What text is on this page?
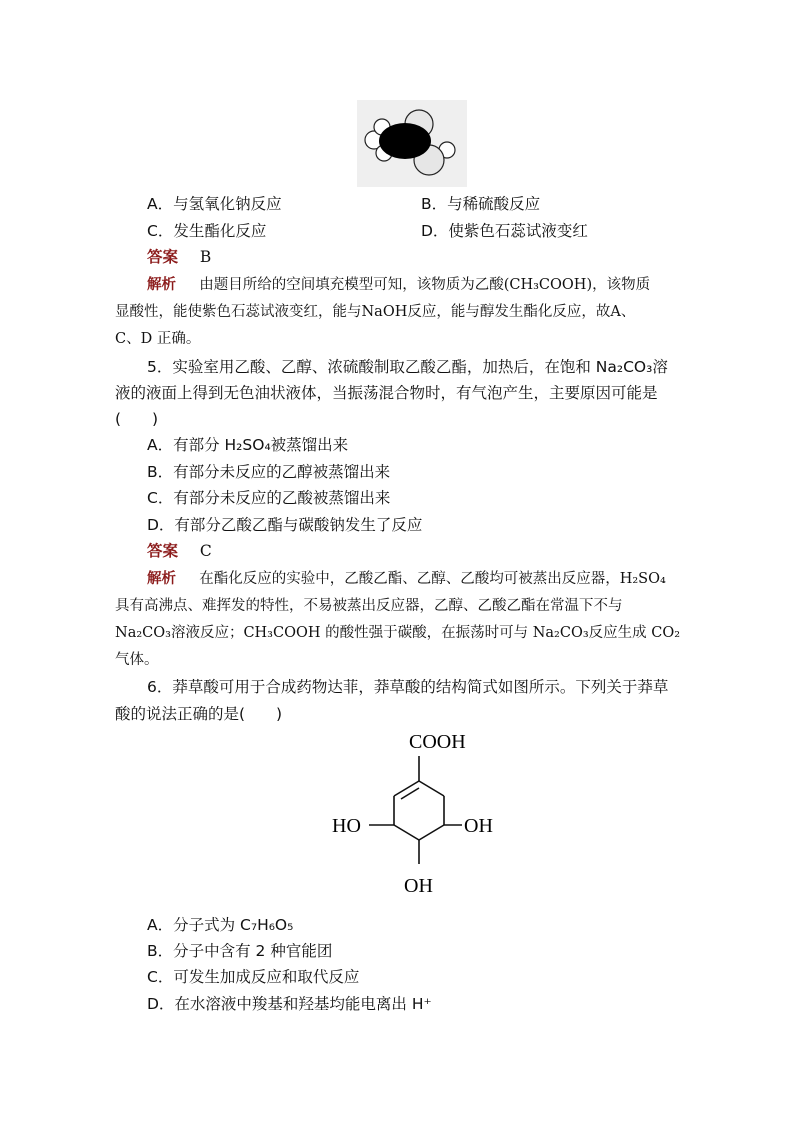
A．与氢氧化钠反应	B．与稀硫酸反应
C．发生酯化反应	D．使紫色石蕊试液变红
答案 B
解析 由题目所给的空间填充模型可知，该物质为乙酸(CH₃COOH)，该物质
显酸性，能使紫色石蕊试液变红，能与NaOH反应，能与醇发生酯化反应，故A、
C、D 正确。
5．实验室用乙酸、乙醇、浓硫酸制取乙酸乙酯，加热后，在饱和 Na₂CO₃溶
液的液面上得到无色油状液体，当振荡混合物时，有气泡产生，主要原因可能是
(　　)
A．有部分 H₂SO₄被蒸馏出来
B．有部分未反应的乙醇被蒸馏出来
C．有部分未反应的乙酸被蒸馏出来
D．有部分乙酸乙酯与碳酸钠发生了反应
答案 C
解析 在酯化反应的实验中，乙酸乙酯、乙醇、乙酸均可被蒸出反应器，H₂SO₄
具有高沸点、难挥发的特性，不易被蒸出反应器，乙醇、乙酸乙酯在常温下不与
Na₂CO₃溶液反应；CH₃COOH 的酸性强于碳酸，在振荡时可与 Na₂CO₃反应生成 CO₂
气体。
6．莽草酸可用于合成药物达菲，莽草酸的结构简式如图所示。下列关于莽草
酸的说法正确的是(　　)
COOH
HO	OH
OH
A．分子式为 C₇H₆O₅
B．分子中含有 2 种官能团
C．可发生加成反应和取代反应
D．在水溶液中羧基和羟基均能电离出 H⁺
